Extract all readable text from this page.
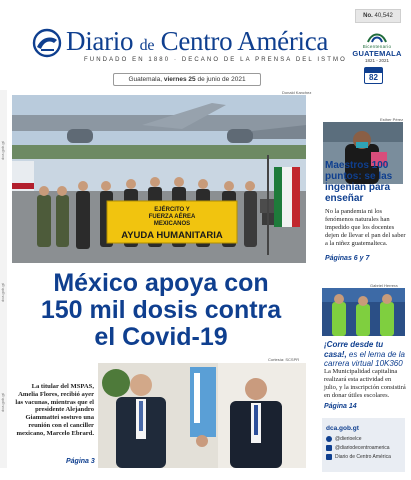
dca.gob.gt
dca.gob.gt
dca.gob.gt
Diario de Centro América
FUNDADO EN 1880 · DECANO DE LA PRENSA DEL ISTMO
Guatemala, viernes 25 de junio de 2021
No. 40,542
Bicentenario
GUATEMALA
1821 - 2021
82
Donald Kanchez
EJÉRCITO Y
FUERZA AÉREA
MEXICANOS
AYUDA HUMANITARIA
México apoya con
150 mil dosis contra
el Covid-19
Cortesía: SCSPR

La titular del MSPAS, Amelia Flores, recibió ayer las vacunas, mientras que el presidente Alejandro Giammattei sostuvo una reunión con el canciller mexicano, Marcelo Ebrard.

Página 3
Esther Pérez
Maestros 100 puntos: se las ingenian para enseñar

No la pandemia ni los fenómenos naturales han impedido que los docentes dejen de llevar el pan del saber a la niñez guatemalteca.

Páginas 6 y 7
Gabriel Herrera
¡Corre desde tu casa!, es el lema de la carrera virtual 10K360

La Municipalidad capitalina realizará esta actividad en julio, y la inscripción consistirá en donar útiles escolares.

Página 14
dca.gob.gt
@dierioelce
@diariodecentroamerica
Diario de Centro América
